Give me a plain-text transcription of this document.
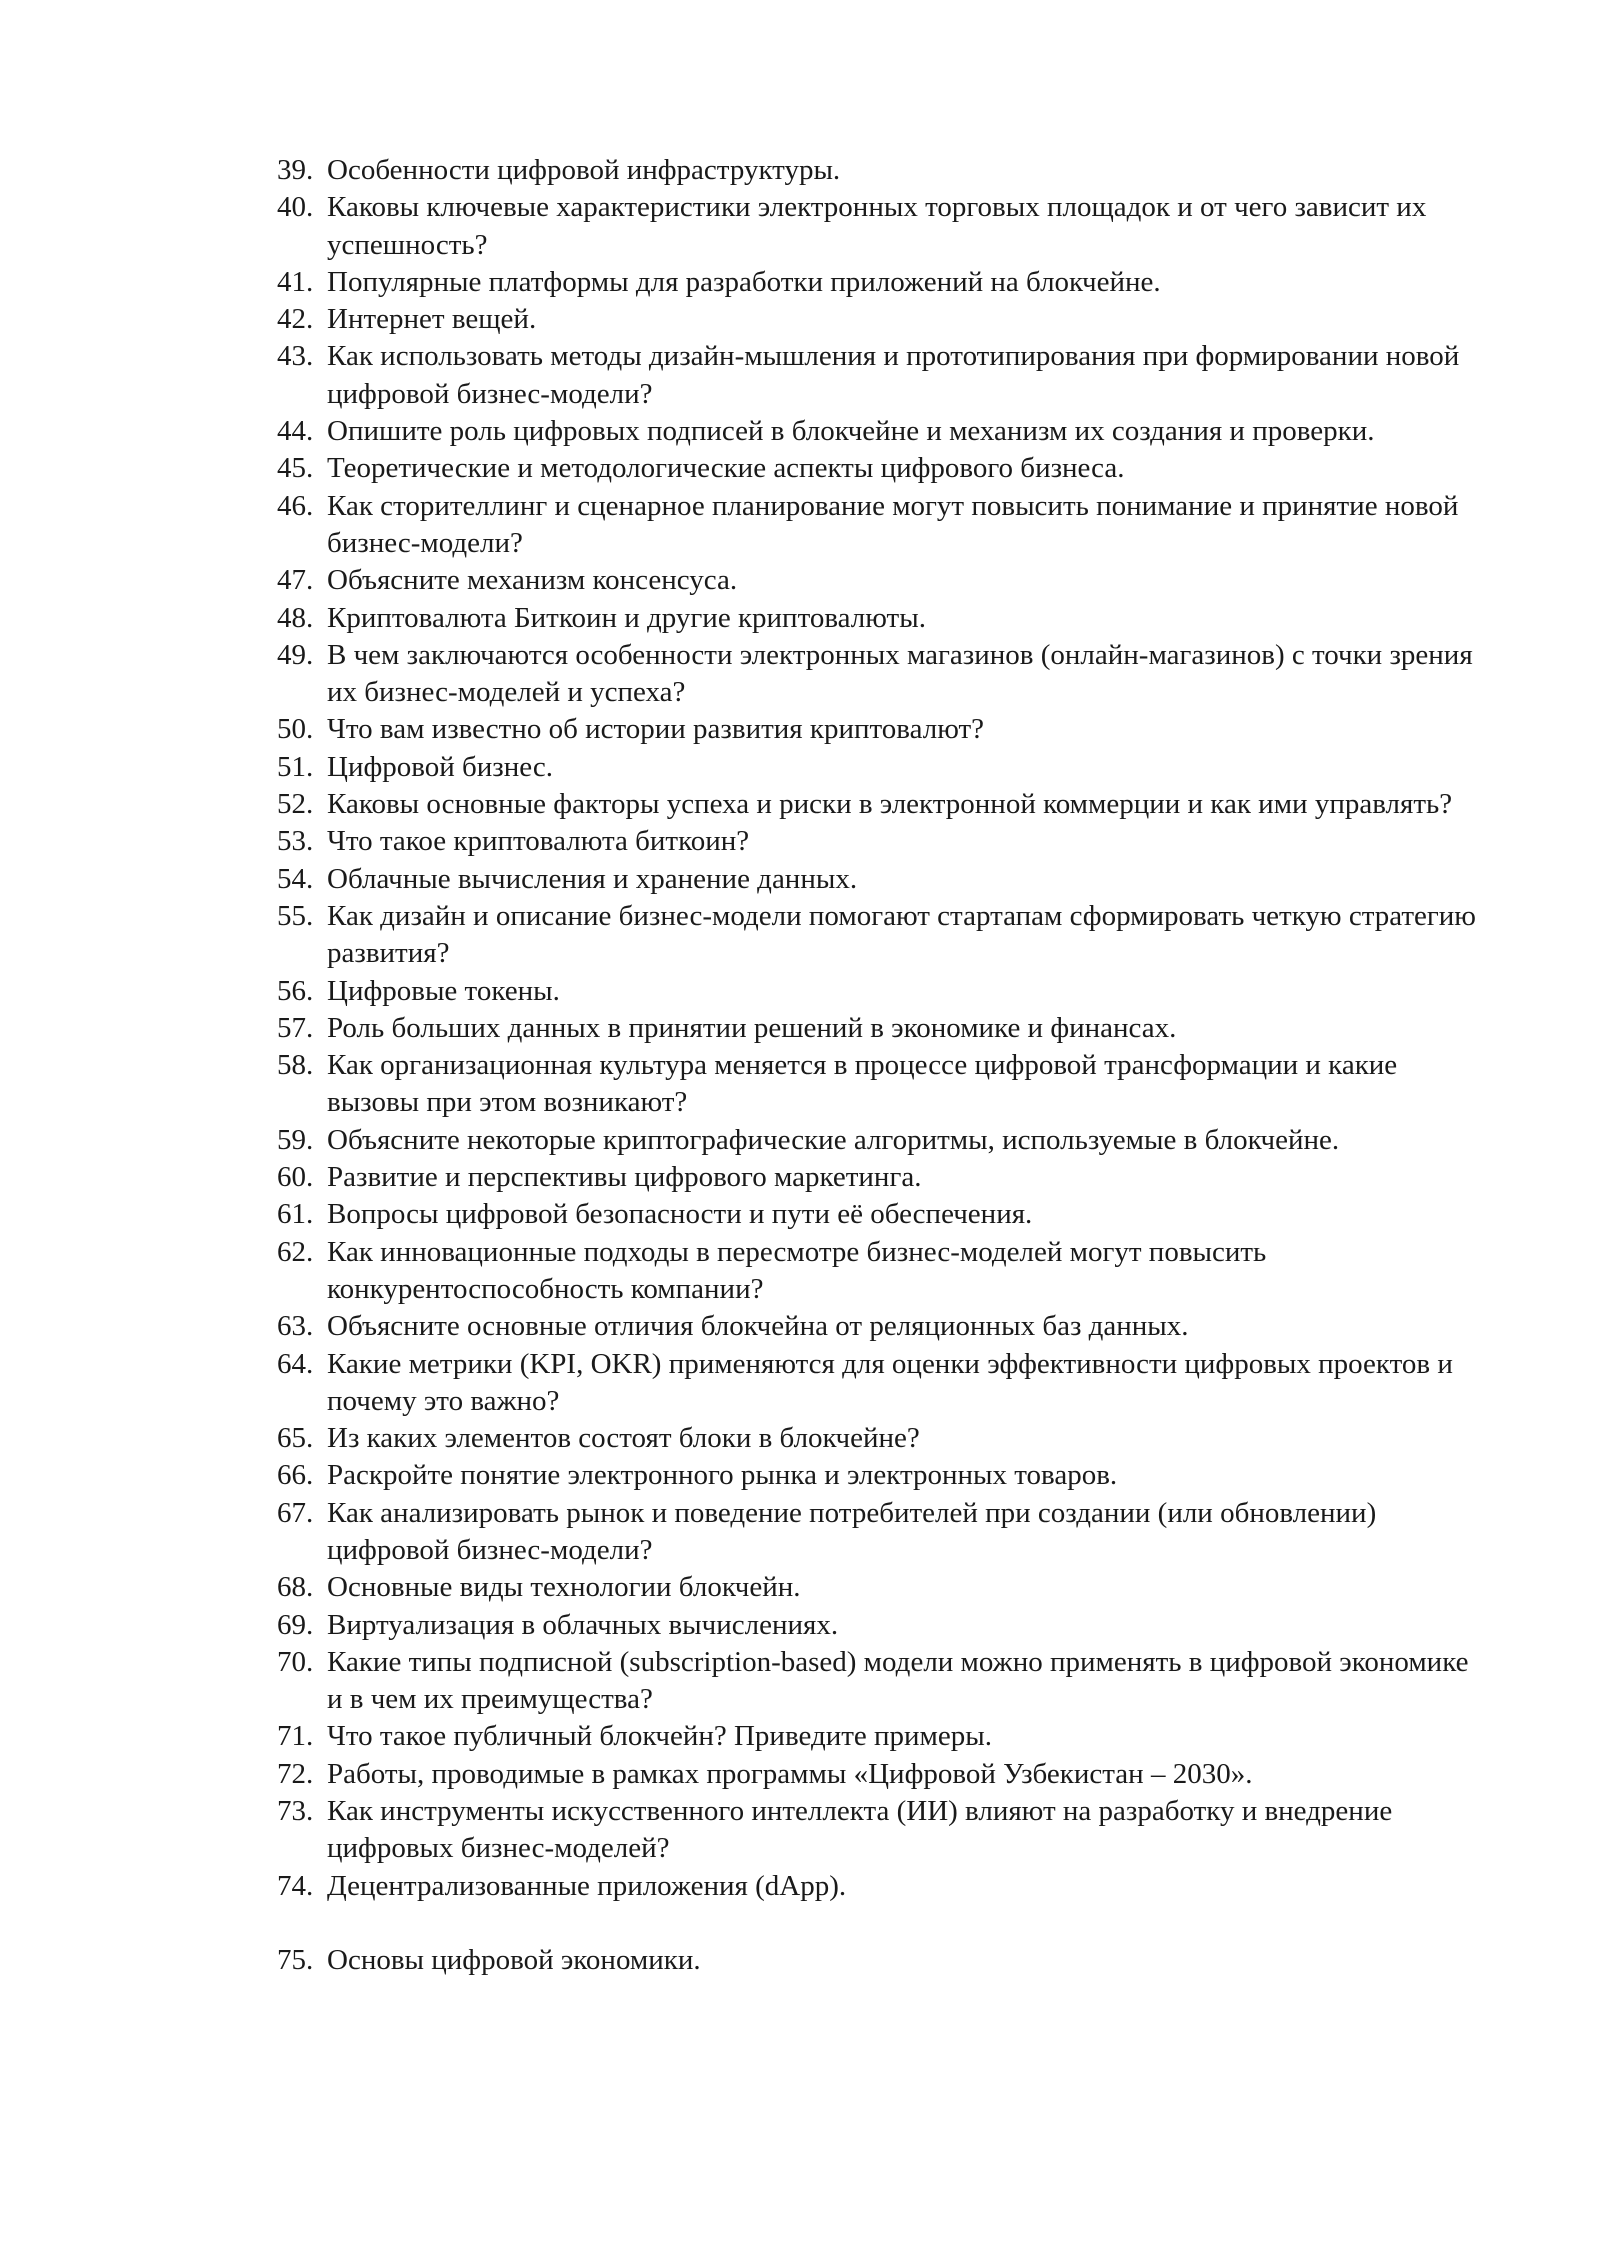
39. Особенности цифровой инфраструктуры.
40. Каковы ключевые характеристики электронных торговых площадок и от чего зависит их успешность?
41. Популярные платформы для разработки приложений на блокчейне.
42. Интернет вещей.
43. Как использовать методы дизайн-мышления и прототипирования при формировании новой цифровой бизнес-модели?
44. Опишите роль цифровых подписей в блокчейне и механизм их создания и проверки.
45. Теоретические и методологические аспекты цифрового бизнеса.
46. Как сторителлинг и сценарное планирование могут повысить понимание и принятие новой бизнес-модели?
47. Объясните механизм консенсуса.
48. Криптовалюта Биткоин и другие криптовалюты.
49. В чем заключаются особенности электронных магазинов (онлайн-магазинов) с точки зрения их бизнес-моделей и успеха?
50. Что вам известно об истории развития криптовалют?
51. Цифровой бизнес.
52. Каковы основные факторы успеха и риски в электронной коммерции и как ими управлять?
53. Что такое криптовалюта биткоин?
54. Облачные вычисления и хранение данных.
55. Как дизайн и описание бизнес-модели помогают стартапам сформировать четкую стратегию развития?
56. Цифровые токены.
57. Роль больших данных в принятии решений в экономике и финансах.
58. Как организационная культура меняется в процессе цифровой трансформации и какие вызовы при этом возникают?
59. Объясните некоторые криптографические алгоритмы, используемые в блокчейне.
60. Развитие и перспективы цифрового маркетинга.
61. Вопросы цифровой безопасности и пути её обеспечения.
62. Как инновационные подходы в пересмотре бизнес-моделей могут повысить конкурентоспособность компании?
63. Объясните основные отличия блокчейна от реляционных баз данных.
64. Какие метрики (KPI, OKR) применяются для оценки эффективности цифровых проектов и почему это важно?
65. Из каких элементов состоят блоки в блокчейне?
66. Раскройте понятие электронного рынка и электронных товаров.
67. Как анализировать рынок и поведение потребителей при создании (или обновлении) цифровой бизнес-модели?
68. Основные виды технологии блокчейн.
69. Виртуализация в облачных вычислениях.
70. Какие типы подписной (subscription-based) модели можно применять в цифровой экономике и в чем их преимущества?
71. Что такое публичный блокчейн? Приведите примеры.
72. Работы, проводимые в рамках программы «Цифровой Узбекистан – 2030».
73. Как инструменты искусственного интеллекта (ИИ) влияют на разработку и внедрение цифровых бизнес-моделей?
74. Децентрализованные приложения (dApp).
75. Основы цифровой экономики.
